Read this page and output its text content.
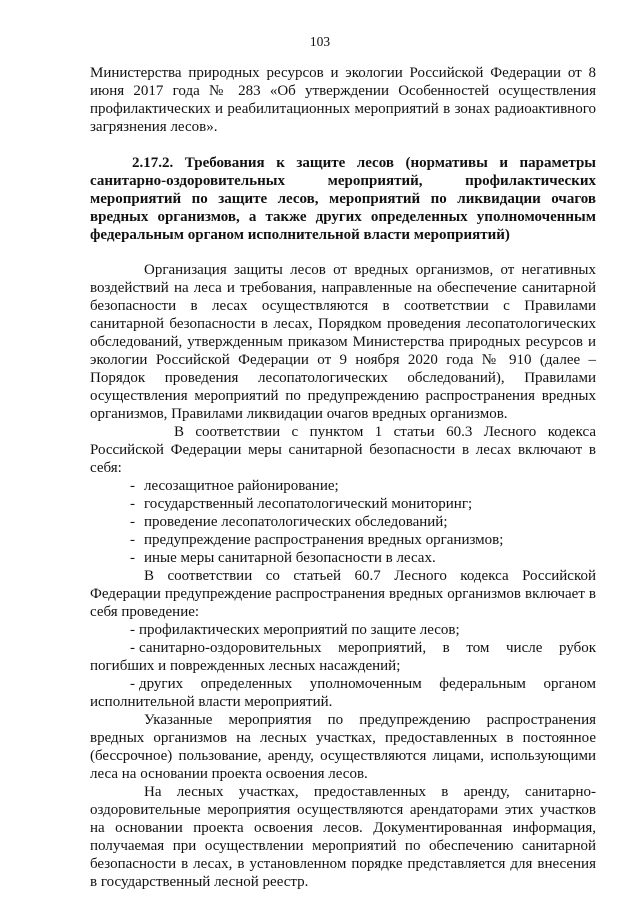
103

Министерства природных ресурсов и экологии Российской Федерации от 8 июня 2017 года № 283 «Об утверждении Особенностей осуществления профилактических и реабилитационных мероприятий в зонах радиоактивного загрязнения лесов».

2.17.2. Требования к защите лесов (нормативы и параметры санитарно-оздоровительных мероприятий, профилактических мероприятий по защите лесов, мероприятий по ликвидации очагов вредных организмов, а также других определенных уполномоченным федеральным органом исполнительной власти мероприятий)

Организация защиты лесов от вредных организмов, от негативных воздействий на леса и требования, направленные на обеспечение санитарной безопасности в лесах осуществляются в соответствии с Правилами санитарной безопасности в лесах, Порядком проведения лесопатологических обследований, утвержденным приказом Министерства природных ресурсов и экологии Российской Федерации от 9 ноября 2020 года № 910 (далее – Порядок проведения лесопатологических обследований), Правилами осуществления мероприятий по предупреждению распространения вредных организмов, Правилами ликвидации очагов вредных организмов.

В соответствии с пунктом 1 статьи 60.3 Лесного кодекса Российской Федерации меры санитарной безопасности в лесах включают в себя:

- лесозащитное районирование;
- государственный лесопатологический мониторинг;
- проведение лесопатологических обследований;
- предупреждение распространения вредных организмов;
- иные меры санитарной безопасности в лесах.

В соответствии со статьей 60.7 Лесного кодекса Российской Федерации предупреждение распространения вредных организмов включает в себя проведение:

- профилактических мероприятий по защите лесов;
- санитарно-оздоровительных мероприятий, в том числе рубок погибших и поврежденных лесных насаждений;
- других определенных уполномоченным федеральным органом исполнительной власти мероприятий.

Указанные мероприятия по предупреждению распространения вредных организмов на лесных участках, предоставленных в постоянное (бессрочное) пользование, аренду, осуществляются лицами, использующими леса на основании проекта освоения лесов.

На лесных участках, предоставленных в аренду, санитарно-оздоровительные мероприятия осуществляются арендаторами этих участков на основании проекта освоения лесов. Документированная информация, получаемая при осуществлении мероприятий по обеспечению санитарной безопасности в лесах, в установленном порядке представляется для внесения в государственный лесной реестр.
